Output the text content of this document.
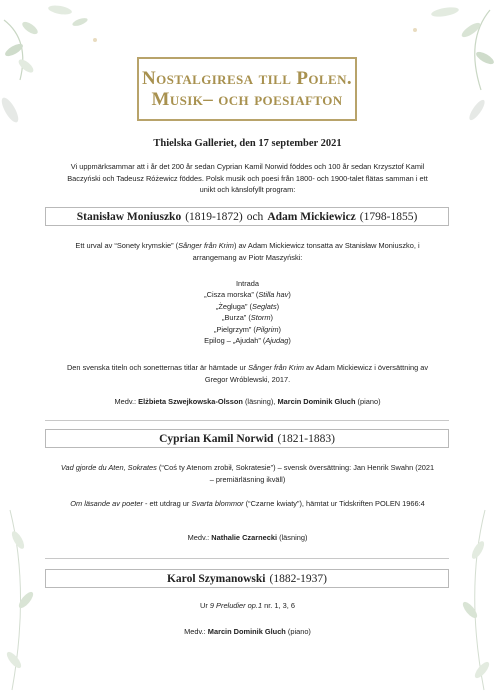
Nostalgiresa till Polen.
Musik– och poesiafton
Thielska Galleriet, den 17 september 2021
Vi uppmärksammar att i år det 200 år sedan Cyprian Kamil Norwid föddes och 100 år sedan Krzysztof Kamil Baczyński och Tadeusz Różewicz föddes. Polsk musik och poesi från 1800- och 1900-talet flätas samman i ett unikt och känslofyllt program:
Stanisław Moniuszko (1819-1872) och Adam Mickiewicz (1798-1855)
Ett urval av “Sonety krymskie” (Sånger från Krim) av Adam Mickiewicz tonsatta av Stanisław Moniuszko, i arrangemang av Piotr Maszyński:
Intrada
„Cisza morska” (Stilla hav)
„Żegluga” (Seglats)
„Burza” (Storm)
„Pielgrzym” (Pilgrim)
Epilog – „Ajudah” (Ajudag)
Den svenska titeln och sonetternas titlar är hämtade ur Sånger från Krim av Adam Mickiewicz i översättning av Gregor Wróblewski, 2017.
Medv.: Elżbieta Szwejkowska-Olsson (läsning), Marcin Dominik Gluch (piano)
Cyprian Kamil Norwid (1821-1883)
Vad gjorde du Aten, Sokrates (“Coś ty Atenom zrobił, Sokratesie”) – svensk översättning: Jan Henrik Swahn (2021 – premiärläsning ikväll)
Om läsande av poeter - ett utdrag ur Svarta blommor (“Czarne kwiaty”), hämtat ur Tidskriften POLEN 1966:4
Medv.: Nathalie Czarnecki (läsning)
Karol Szymanowski (1882-1937)
Ur 9 Preludier op.1 nr. 1, 3, 6
Medv.: Marcin Dominik Gluch (piano)
